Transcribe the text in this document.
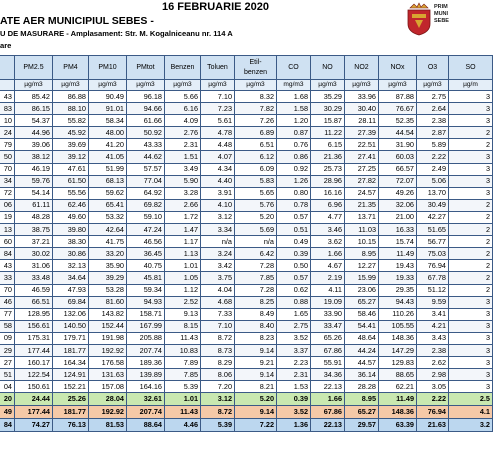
16 FEBRUARIE 2020
ATE AER MUNICIPIUL SEBES -
U DE MASURARE - Amplasament: Str. M. Kogalniceanu nr. 114 A
are
PRIM
MUNI
SEBE
	PM2.5	PM4	PM10	PMtot	Benzen	Toluen	Etil-
benzen	CO	NO	NO2	NOx	O3	SO
	µg/m3	µg/m3	µg/m3	µg/m3	µg/m3	µg/m3	µg/m3	mg/m3	µg/m3	µg/m3	µg/m3	µg/m3	µg/m
43	85.42	86.88	90.49	96.18	5.66	7.10	8.32	1.68	35.29	33.96	87.88	2.75	3
83	86.15	88.10	91.01	94.66	6.16	7.23	7.82	1.58	30.29	30.40	76.67	2.64	3
10	54.37	55.82	58.34	61.66	4.09	5.61	7.26	1.20	15.87	28.11	52.35	2.38	3
24	44.96	45.92	48.00	50.92	2.76	4.78	6.89	0.87	11.22	27.39	44.54	2.87	2
79	39.06	39.69	41.20	43.33	2.31	4.48	6.51	0.76	6.15	22.51	31.90	5.89	2
50	38.12	39.12	41.05	44.62	1.51	4.07	6.12	0.86	21.36	27.41	60.03	2.22	3
70	46.19	47.61	51.99	57.57	3.49	4.34	6.09	0.92	25.73	27.25	66.57	2.49	3
34	59.76	61.50	68.13	77.04	5.90	4.40	5.83	1.26	28.96	27.82	72.07	5.06	3
72	54.14	55.56	59.62	64.92	3.28	3.91	5.65	0.80	16.16	24.57	49.26	13.70	3
06	61.11	62.46	65.41	69.82	2.66	4.10	5.76	0.78	6.96	21.35	32.06	30.49	2
19	48.28	49.60	53.32	59.10	1.72	3.12	5.20	0.57	4.77	13.71	21.00	42.27	2
13	38.75	39.80	42.64	47.24	1.47	3.34	5.69	0.51	3.46	11.03	16.33	51.65	2
60	37.21	38.30	41.75	46.56	1.17	n/a	n/a	0.49	3.62	10.15	15.74	56.77	2
84	30.02	30.86	33.20	36.45	1.13	3.24	6.42	0.39	1.66	8.95	11.49	75.03	2
43	31.06	32.13	35.90	40.75	1.01	3.42	7.28	0.50	4.67	12.27	19.43	76.94	2
33	33.48	34.64	39.29	45.81	1.05	3.75	7.85	0.57	2.19	15.99	19.33	67.78	2
70	46.59	47.93	53.28	59.34	1.12	4.04	7.28	0.62	4.11	23.06	29.35	51.12	2
46	66.51	69.84	81.60	94.93	2.52	4.68	8.25	0.88	19.09	65.27	94.43	9.59	3
77	128.95	132.06	143.82	158.71	9.13	7.33	8.49	1.65	33.90	58.46	110.26	3.41	3
58	156.61	140.50	152.44	167.99	8.15	7.10	8.40	2.75	33.47	54.41	105.55	4.21	3
09	175.31	179.71	191.98	205.88	11.43	8.72	8.23	3.52	65.26	48.64	148.36	3.43	3
29	177.44	181.77	192.92	207.74	10.83	8.73	9.14	3.37	67.86	44.24	147.29	2.38	3
27	160.17	164.34	176.58	189.36	7.89	8.29	9.21	2.23	55.91	44.57	129.83	2.62	3
51	122.54	124.91	131.63	139.89	7.85	8.06	9.14	2.31	34.36	36.14	88.65	2.98	3
04	150.61	152.21	157.08	164.16	5.39	7.20	8.21	1.53	22.13	28.28	62.21	3.05	3
20	24.44	25.26	28.04	32.61	1.01	3.12	5.20	0.39	1.66	8.95	11.49	2.22	2.5
49	177.44	181.77	192.92	207.74	11.43	8.72	9.14	3.52	67.86	65.27	148.36	76.94	4.1
84	74.27	76.13	81.53	88.64	4.46	5.39	7.22	1.36	22.13	29.57	63.39	21.63	3.2
